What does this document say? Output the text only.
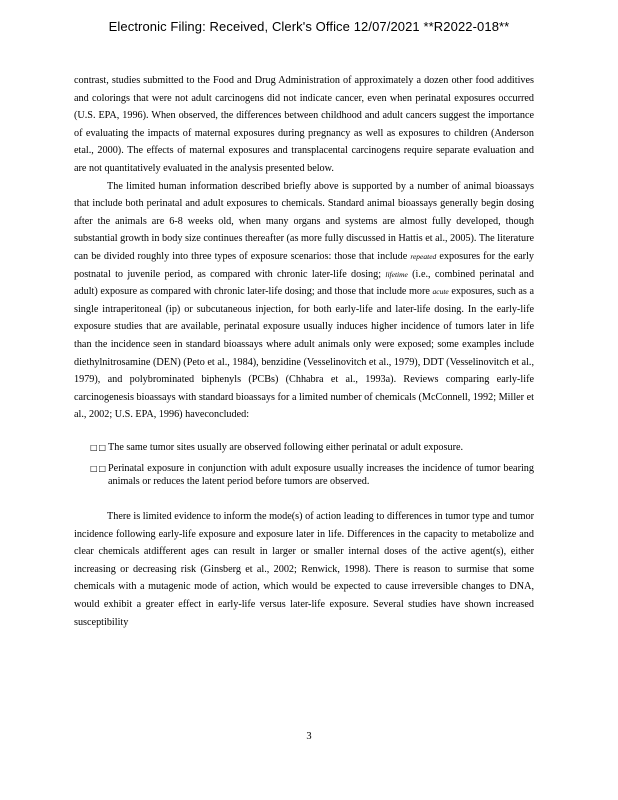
Electronic Filing: Received, Clerk's Office 12/07/2021 **R2022-018**

contrast, studies submitted to the Food and Drug Administration of approximately a dozen other food additives and colorings that were not adult carcinogens did not indicate cancer, even when perinatal exposures occurred (U.S. EPA, 1996). When observed, the differences between childhood and adult cancers suggest the importance of evaluating the impacts of maternal exposures during pregnancy as well as exposures to children (Anderson etal., 2000). The effects of maternal exposures and transplacental carcinogens require separate evaluation and are not quantitatively evaluated in the analysis presented below.

The limited human information described briefly above is supported by a number of animal bioassays that include both perinatal and adult exposures to chemicals. Standard animal bioassays generally begin dosing after the animals are 6-8 weeks old, when many organs and systems are almost fully developed, though substantial growth in body size continues thereafter (as more fully discussed in Hattis et al., 2005). The literature can be divided roughly into three types of exposure scenarios: those that include repeated exposures for the early postnatal to juvenile period, as compared with chronic later-life dosing; lifetime (i.e., combined perinatal and adult) exposure as compared with chronic later-life dosing; and those that include more acute exposures, such as a single intraperitoneal (ip) or subcutaneous injection, for both early-life and later-life dosing. In the early-life exposure studies that are available, perinatal exposure usually induces higher incidence of tumors later in life than the incidence seen in standard bioassays where adult animals only were exposed; some examples include diethylnitrosamine (DEN) (Peto et al., 1984), benzidine (Vesselinovitch et al., 1979), DDT (Vesselinovitch et al., 1979), and polybrominated biphenyls (PCBs) (Chhabra et al., 1993a). Reviews comparing early-life carcinogenesis bioassays with standard bioassays for a limited number of chemicals (McConnell, 1992; Miller et al., 2002; U.S. EPA, 1996) haveconcluded:

□□ The same tumor sites usually are observed following either perinatal or adult exposure.
□□ Perinatal exposure in conjunction with adult exposure usually increases the incidence of tumor bearing animals or reduces the latent period before tumors are observed.

There is limited evidence to inform the mode(s) of action leading to differences in tumor type and tumor incidence following early-life exposure and exposure later in life. Differences in the capacity to metabolize and clear chemicals atdifferent ages can result in larger or smaller internal doses of the active agent(s), either increasing or decreasing risk (Ginsberg et al., 2002; Renwick, 1998). There is reason to surmise that some chemicals with a mutagenic mode of action, which would be expected to cause irreversible changes to DNA, would exhibit a greater effect in early-life versus later-life exposure. Several studies have shown increased susceptibility

3
